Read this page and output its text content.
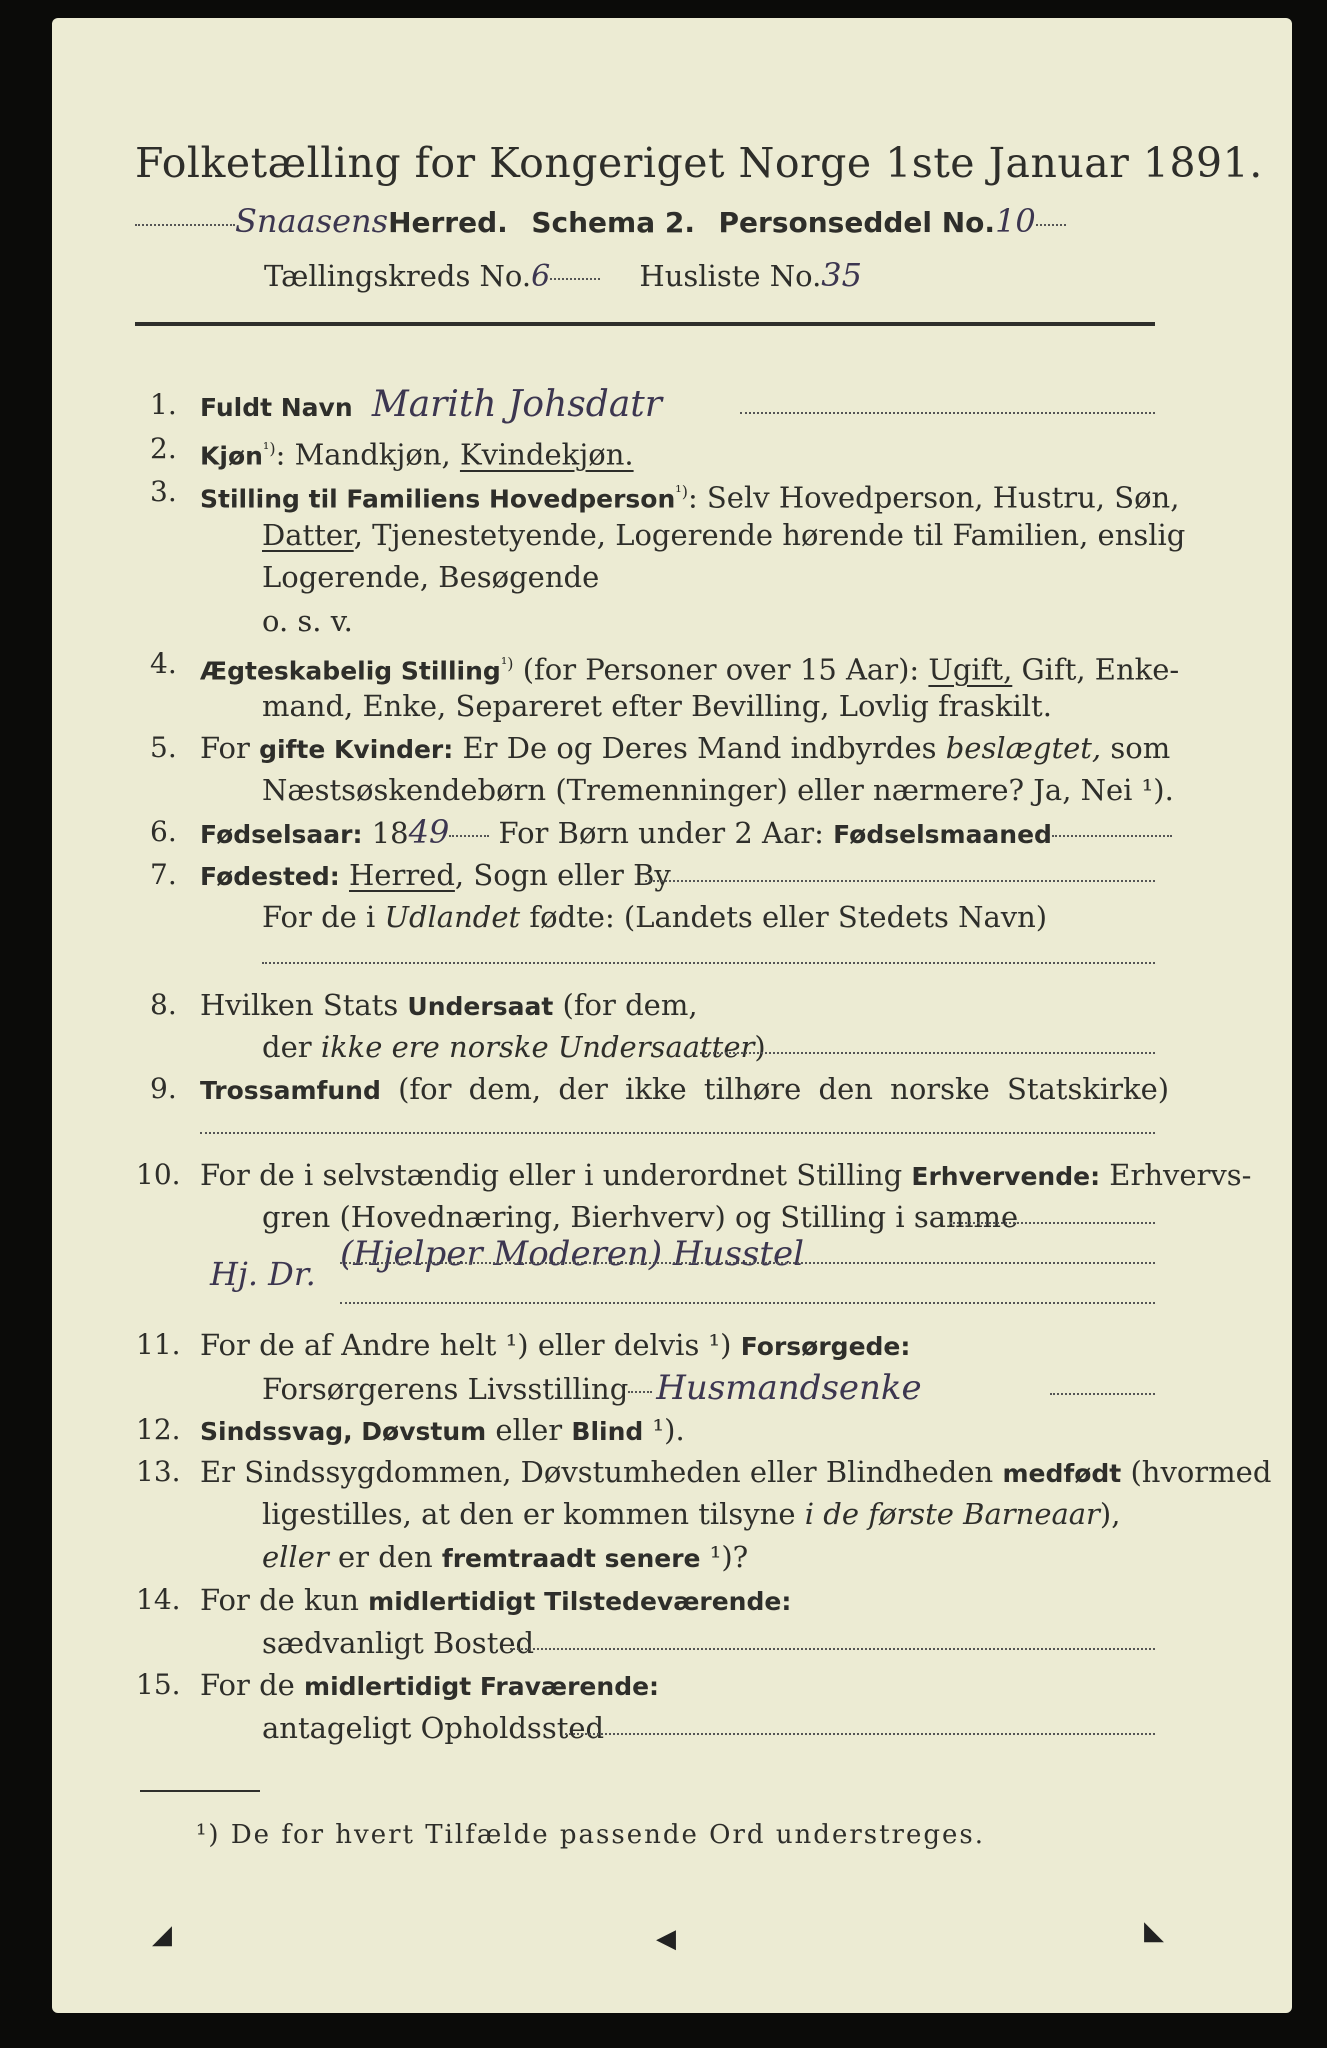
Folketælling for Kongeriget Norge 1ste Januar 1891.
SnaasensHerred. Schema 2. Personseddel No.10
Tællingskreds No.6	Husliste No.35
1. Fuldt Navn Marith Johsdatr
2. Kjøn$^{^1)}$: Mandkjøn, Kvindekjøn.
3. Stilling til Familiens Hovedperson$^{^1)}$: Selv Hovedperson, Hustru, Søn,
Datter, Tjenestetyende, Logerende hørende til Familien, enslig
Logerende, Besøgende
o. s. v.
4. Ægteskabelig Stilling$^{^1)}$ (for Personer over 15 Aar): Ugift, Gift, Enke-
mand, Enke, Separeret efter Bevilling, Lovlig fraskilt.
5. For gifte Kvinder: Er De og Deres Mand indbyrdes beslægtet, som
Næstsøskendebørn (Tremenninger) eller nærmere? Ja, Nei ¹).
6. Fødselsaar: 1849 For Børn under 2 Aar: Fødselsmaaned
7. Fødested: Herred, Sogn eller By
For de i Udlandet fødte: (Landets eller Stedets Navn)
8. Hvilken Stats Undersaat (for dem,
der ikke ere norske Undersaatter)
9. Trossamfund (for dem, der ikke tilhøre den norske Statskirke)
10. For de i selvstændig eller i underordnet Stilling Erhvervende: Erhvervs-
gren (Hovednæring, Bierhverv) og Stilling i samme
(Hjelper Moderen) Husstel
Hj. Dr.
11. For de af Andre helt ¹) eller delvis ¹) Forsørgede:
Forsørgerens Livsstilling Husmandsenke
12. Sindssvag, Døvstum eller Blind ¹).
13. Er Sindssygdommen, Døvstumheden eller Blindheden medfødt (hvormed
ligestilles, at den er kommen tilsyne i de første Barneaar),
eller er den fremtraadt senere ¹)?
14. For de kun midlertidigt Tilstedeværende:
sædvanligt Bosted
15. For de midlertidigt Fraværende:
antageligt Opholdssted
¹) De for hvert Tilfælde passende Ord understreges.
◢	◀	◣
